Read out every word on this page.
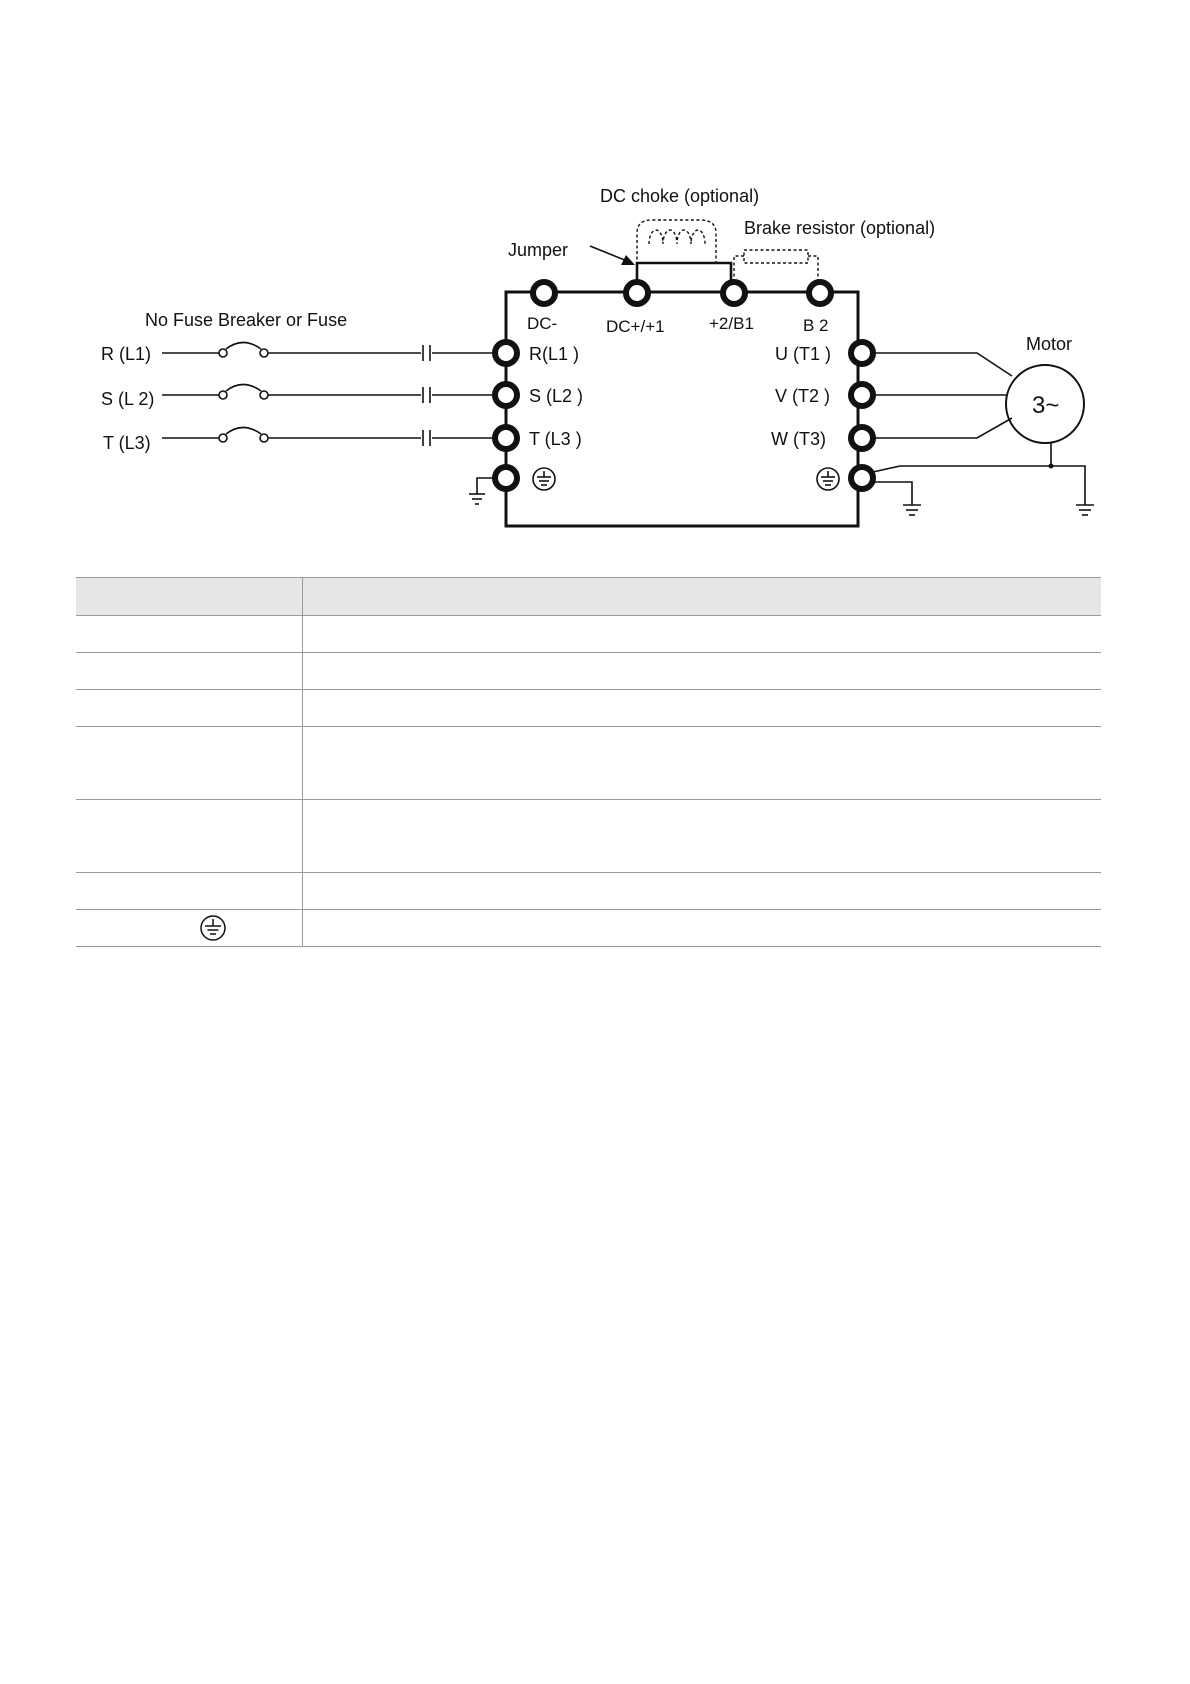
DC choke (optional)
Jumper
Brake resistor (optional)
DC-	DC+/+1	+2/B1	B 2
No Fuse Breaker or Fuse
R (L1)
S (L 2)
T (L3)
R(L1 )
S (L2 )
T (L3 )
U (T1 )
V (T2 )
W (T3)
Motor
3~
